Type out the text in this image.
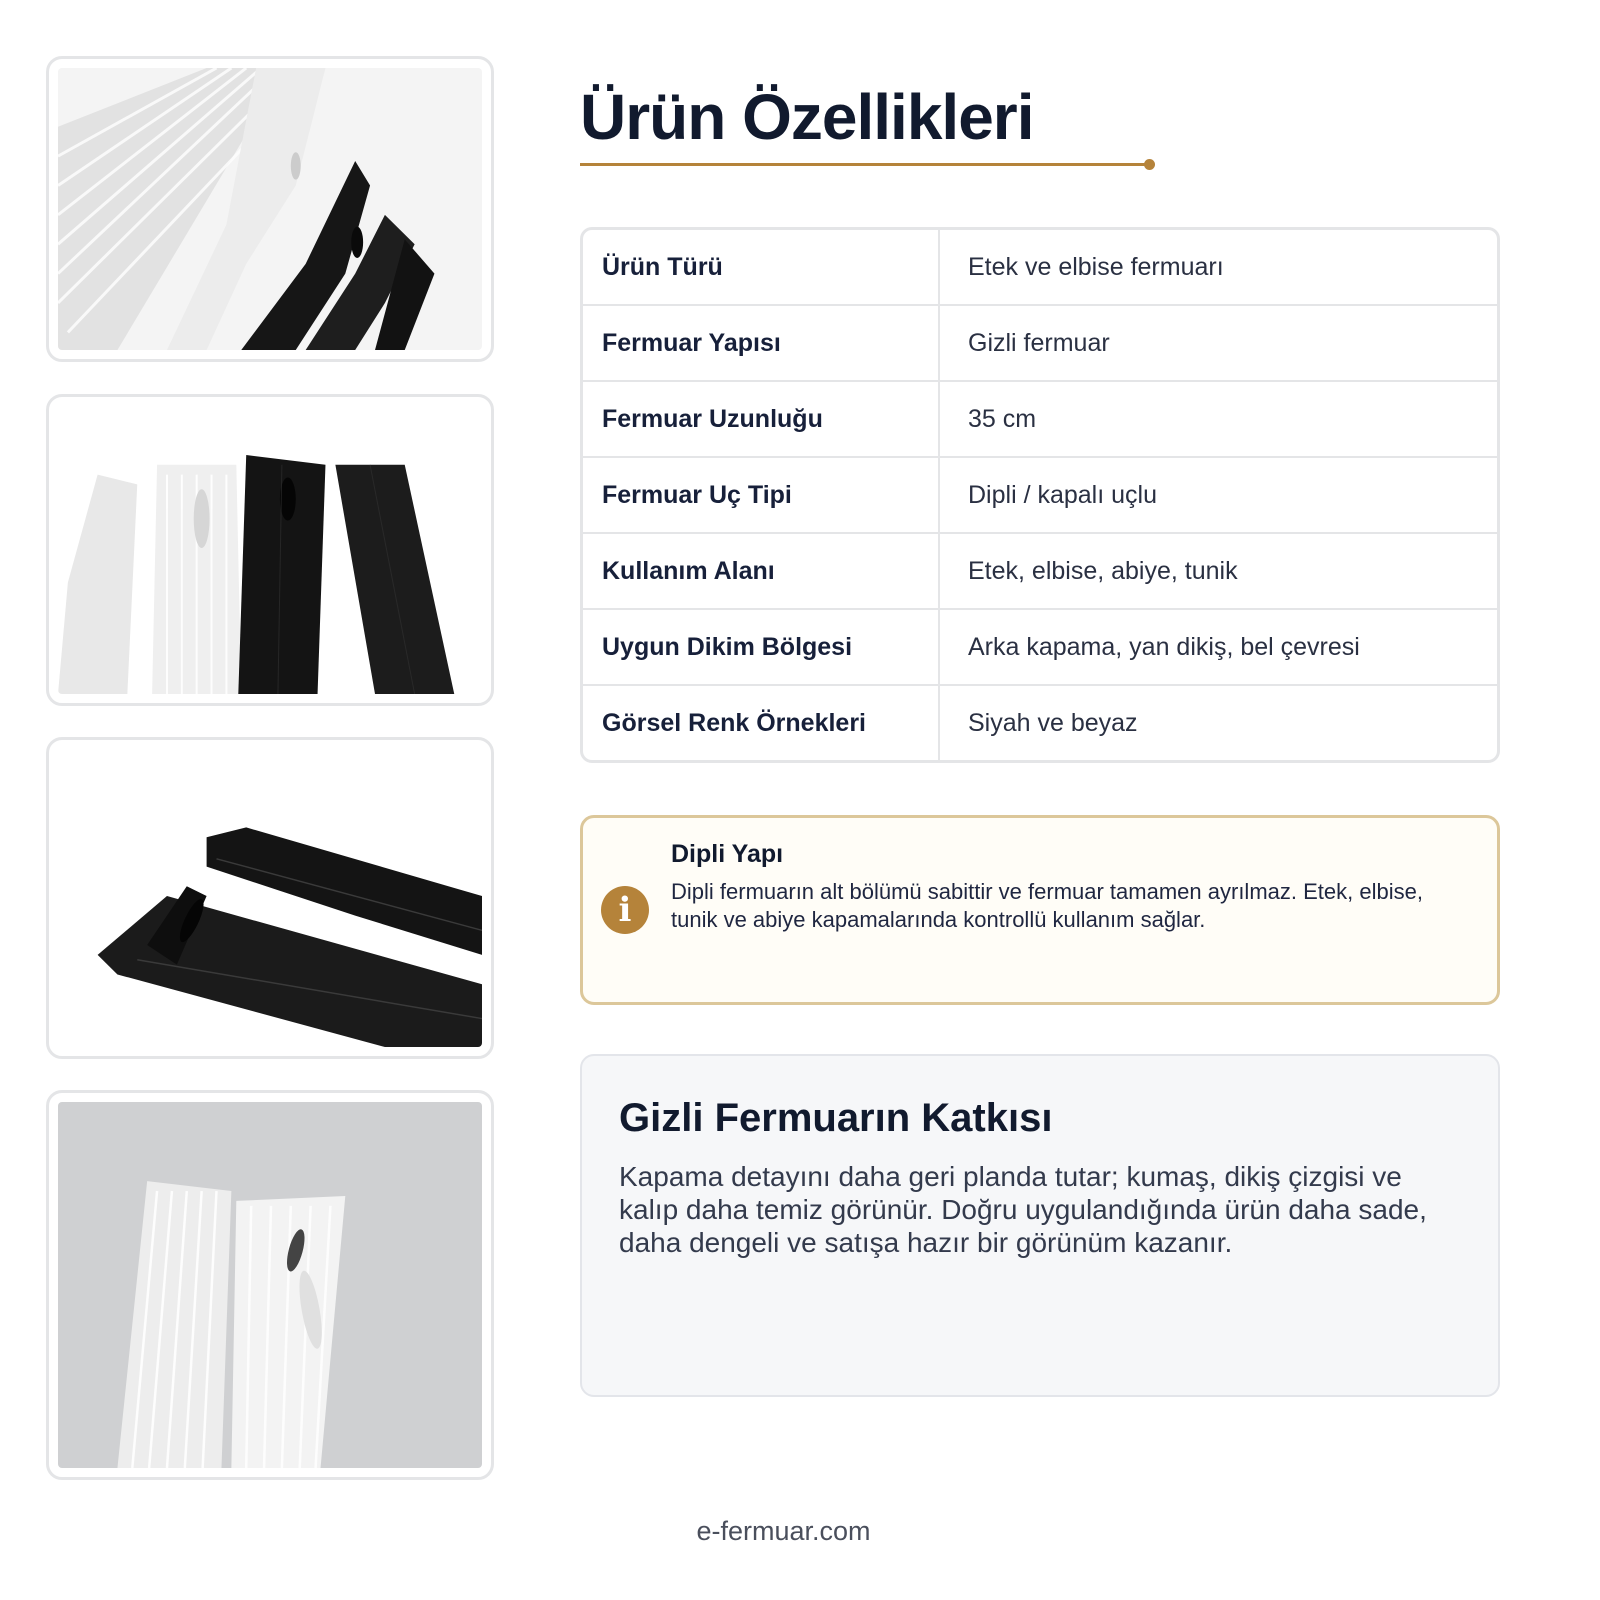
Ürün Özellikleri
Ürün Türü	Etek ve elbise fermuarı
Fermuar Yapısı	Gizli fermuar
Fermuar Uzunluğu	35 cm
Fermuar Uç Tipi	Dipli / kapalı uçlu
Kullanım Alanı	Etek, elbise, abiye, tunik
Uygun Dikim Bölgesi	Arka kapama, yan dikiş, bel çevresi
Görsel Renk Örnekleri	Siyah ve beyaz
i
Dipli Yapı
Dipli fermuarın alt bölümü sabittir ve fermuar tamamen ayrılmaz. Etek, elbise, tunik ve abiye kapamalarında kontrollü kullanım sağlar.
Gizli Fermuarın Katkısı
Kapama detayını daha geri planda tutar; kumaş, dikiş çizgisi ve kalıp daha temiz görünür. Doğru uygulandığında ürün daha sade, daha dengeli ve satışa hazır bir görünüm kazanır.
e-fermuar.com
